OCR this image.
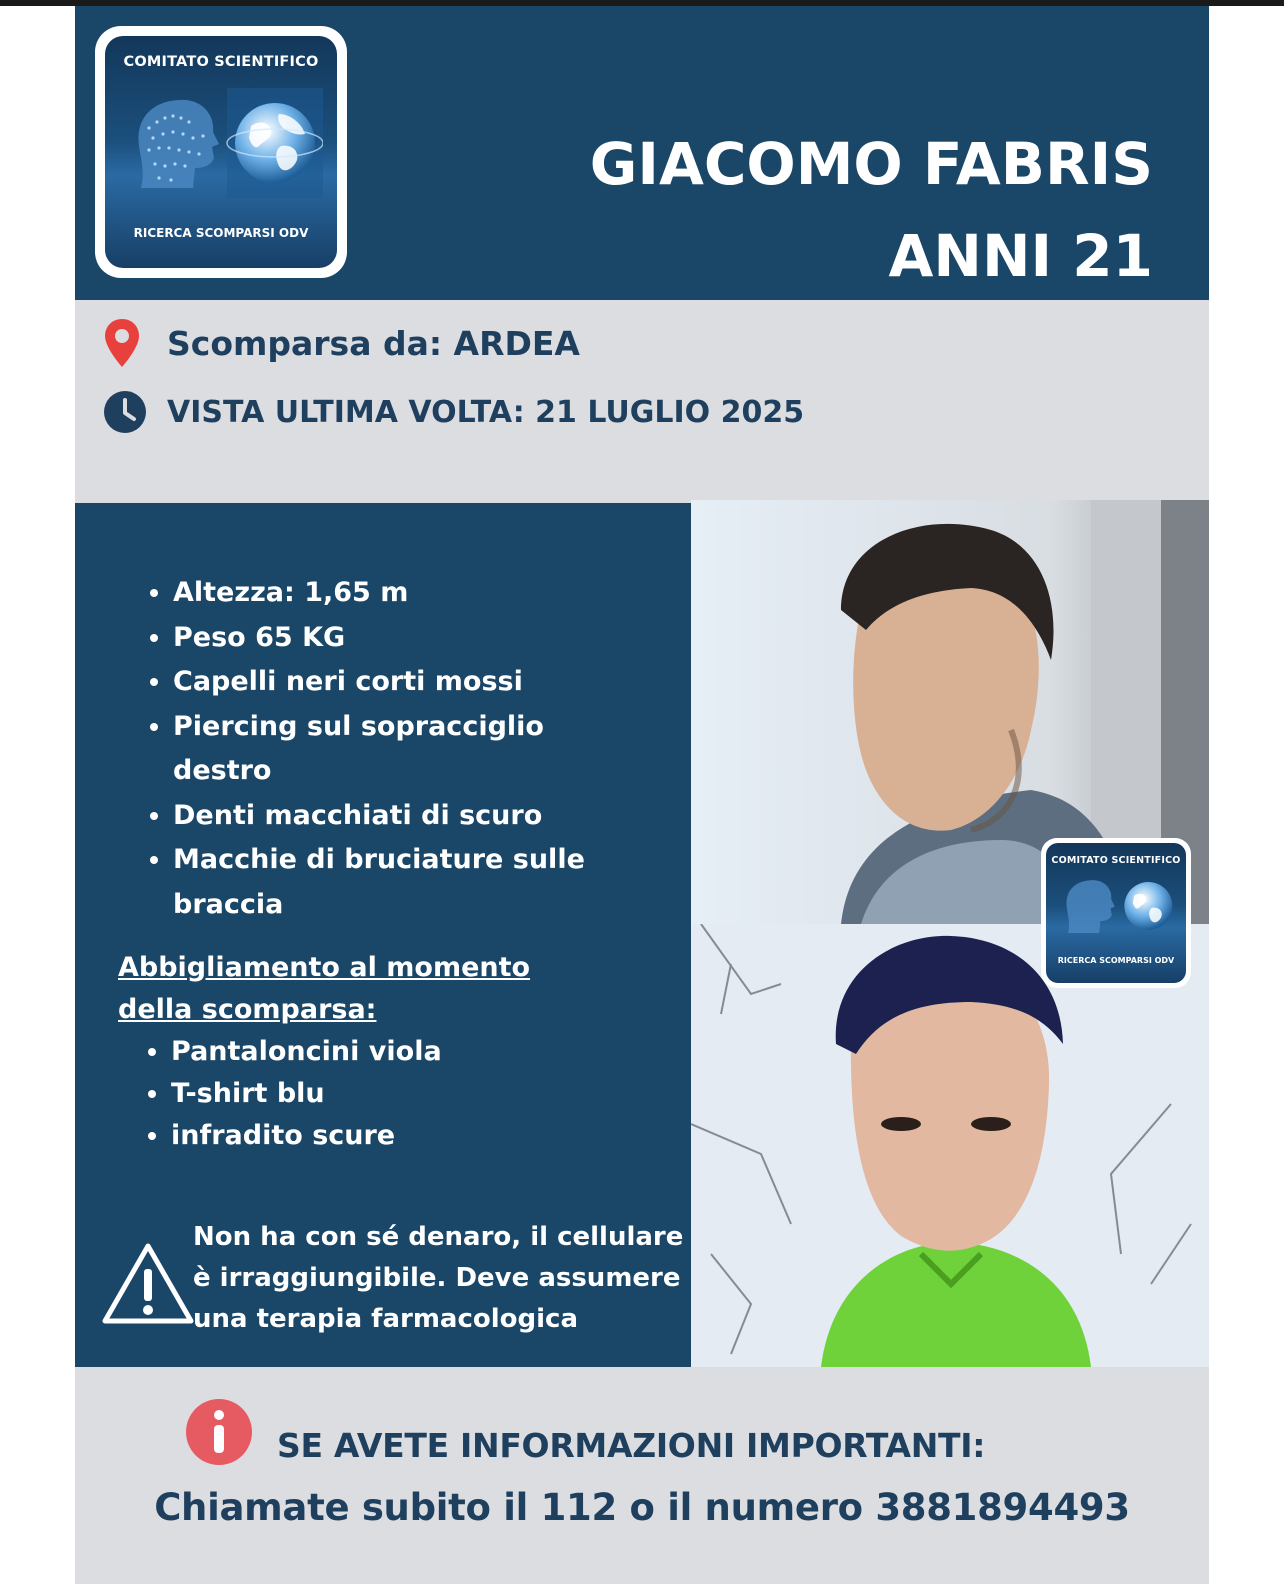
COMITATO SCIENTIFICO
RICERCA SCOMPARSI ODV
GIACOMO FABRIS
ANNI 21
Scomparsa da: ARDEA
VISTA ULTIMA VOLTA: 21 LUGLIO 2025
• Altezza: 1,65 m
• Peso 65 KG
• Capelli neri corti mossi
• Piercing sul sopracciglio destro
• Denti macchiati di scuro
• Macchie di bruciature sulle braccia
Abbigliamento al momento della scomparsa:
• Pantaloncini viola
• T-shirt blu
• infradito scure
Non ha con sé denaro, il cellulare è irraggiungibile. Deve assumere una terapia farmacologica
COMITATO SCIENTIFICO
RICERCA SCOMPARSI ODV
SE AVETE INFORMAZIONI IMPORTANTI:
Chiamate subito il 112 o il numero 3881894493
